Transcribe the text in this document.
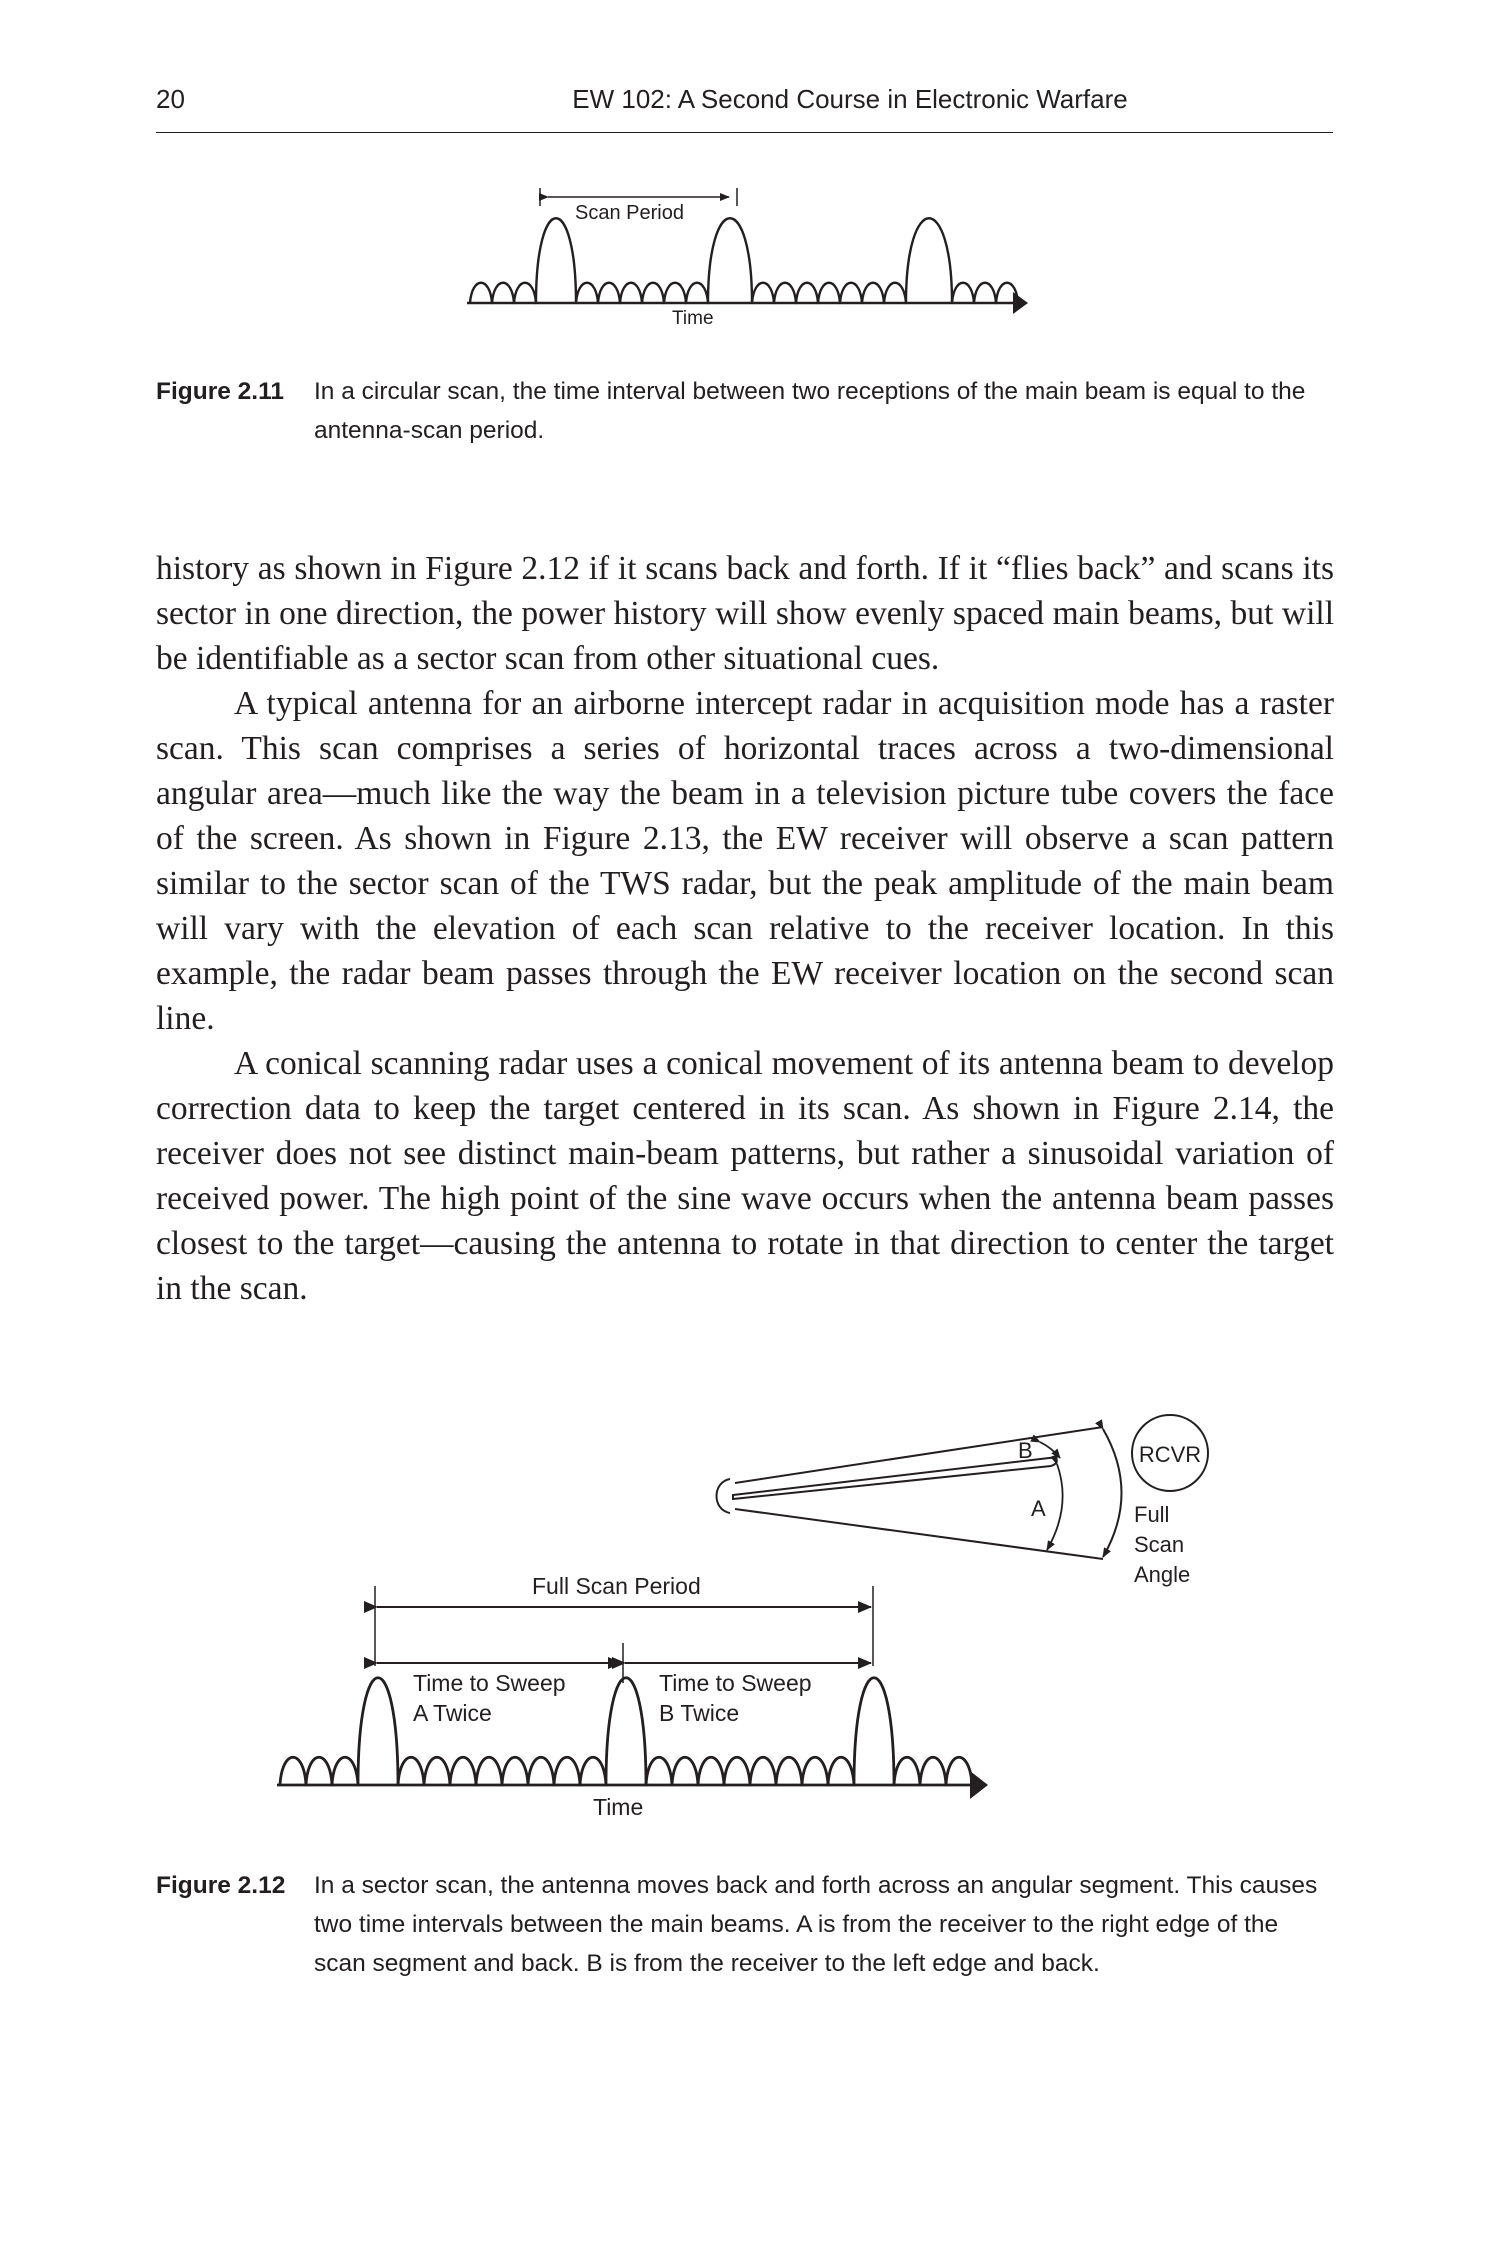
20	EW 102: A Second Course in Electronic Warfare
Scan Period
Time
Figure 2.11 In a circular scan, the time interval between two receptions of the main beam is equal to the antenna-scan period.

history as shown in Figure 2.12 if it scans back and forth. If it “flies back” and scans its sector in one direction, the power history will show evenly spaced main beams, but will be identifiable as a sector scan from other situational cues.

A typical antenna for an airborne intercept radar in acquisition mode has a raster scan. This scan comprises a series of horizontal traces across a two-dimensional angular area—much like the way the beam in a television picture tube covers the face of the screen. As shown in Figure 2.13, the EW receiver will observe a scan pattern similar to the sector scan of the TWS radar, but the peak amplitude of the main beam will vary with the elevation of each scan relative to the receiver location. In this example, the radar beam passes through the EW receiver location on the second scan line.

A conical scanning radar uses a conical movement of its antenna beam to develop correction data to keep the target centered in its scan. As shown in Figure 2.14, the receiver does not see distinct main-beam patterns, but rather a sinusoidal variation of received power. The high point of the sine wave occurs when the antenna beam passes closest to the target—causing the antenna to rotate in that direction to center the target in the scan.

B
A
RCVR
Full
Scan
Angle
Full Scan Period
Time to Sweep
A Twice
Time to Sweep
B Twice
Time
Figure 2.12 In a sector scan, the antenna moves back and forth across an angular segment. This causes two time intervals between the main beams. A is from the receiver to the right edge of the scan segment and back. B is from the receiver to the left edge and back.
